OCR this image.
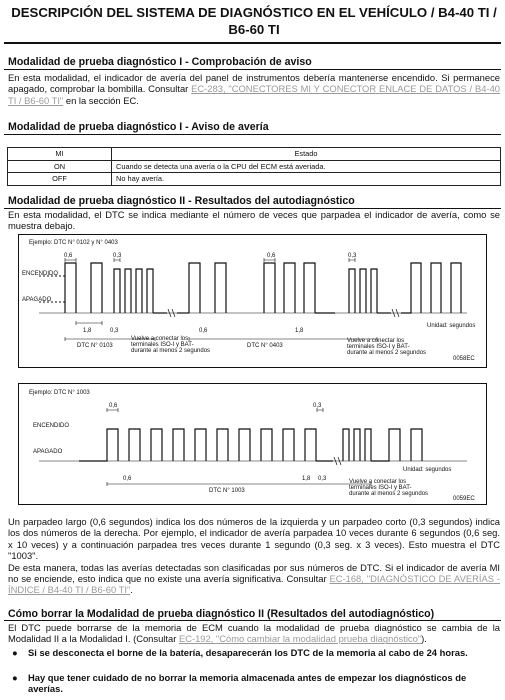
DESCRIPCIÓN DEL SISTEMA DE DIAGNÓSTICO EN EL VEHÍCULO / B4-40 TI /
B6-60 TI
Modalidad de prueba diagnóstico I - Comprobación de aviso
En esta modalidad, el indicador de avería del panel de instrumentos debería mantenerse encendido. Si permanece apagado, comprobar la bombilla. Consultar EC-283, "CONECTORES MI Y CONECTOR ENLACE DE DATOS / B4-40 TI / B6-60 TI" en la sección EC.
Modalidad de prueba diagnóstico I - Aviso de avería
MI	Estado
ON	Cuando se detecta una avería o la CPU del ECM está averiada.
OFF	No hay avería.
Modalidad de prueba diagnóstico II - Resultados del autodiagnóstico
En esta modalidad, el DTC se indica mediante el número de veces que parpadea el indicador de avería, como se muestra debajo.
Ejemplo: DTC N° 0102 y N° 0403
ENCENDIDO
APAGADO
0,6	0,3	0,6	0,3
1,8	0,3	0,6	1,8
DTC N° 0103	DTC N° 0403
Vuelve a conectar los
terminales ISO-I y BAT-
durante al menos 2 segundos
Vuelve a conectar los
terminales ISO-I y BAT-
durante al menos 2 segundos
Unidad: segundos
0058EC
Ejemplo: DTC N° 1003
ENCENDIDO
APAGADO
0,6	0,3
0,6	1,8 0,3
DTC N° 1003
Vuelve a conectar los
terminales ISO-I y BAT-
durante al menos 2 segundos
Unidad: segundos
0059EC

Un parpadeo largo (0,6 segundos) indica los dos números de la izquierda y un parpadeo corto (0,3 segundos) indica los dos números de la derecha. Por ejemplo, el indicador de avería parpadea 10 veces durante 6 segundos (0,6 seg. x 10 veces) y a continuación parpadea tres veces durante 1 segundo (0,3 seg. x 3 veces). Esto muestra el DTC "1003".

De esta manera, todas las averías detectadas son clasificadas por sus números de DTC. Si el indicador de avería MI no se enciende, esto indica que no existe una avería significativa. Consultar EC-168, "DIAGNÓSTICO DE AVERÍAS - ÍNDICE / B4-40 TI / B6-60 TI".

Cómo borrar la Modalidad de prueba diagnóstico II (Resultados del autodiagnóstico)
El DTC puede borrarse de la memoria de ECM cuando la modalidad de prueba diagnóstico se cambia de la Modalidad II a la Modalidad I. (Consultar EC-192, "Cómo cambiar la modalidad prueba diagnóstico").
● Si se desconecta el borne de la batería, desaparecerán los DTC de la memoria al cabo de 24 horas.
● Hay que tener cuidado de no borrar la memoria almacenada antes de empezar los diagnósticos de averías.
